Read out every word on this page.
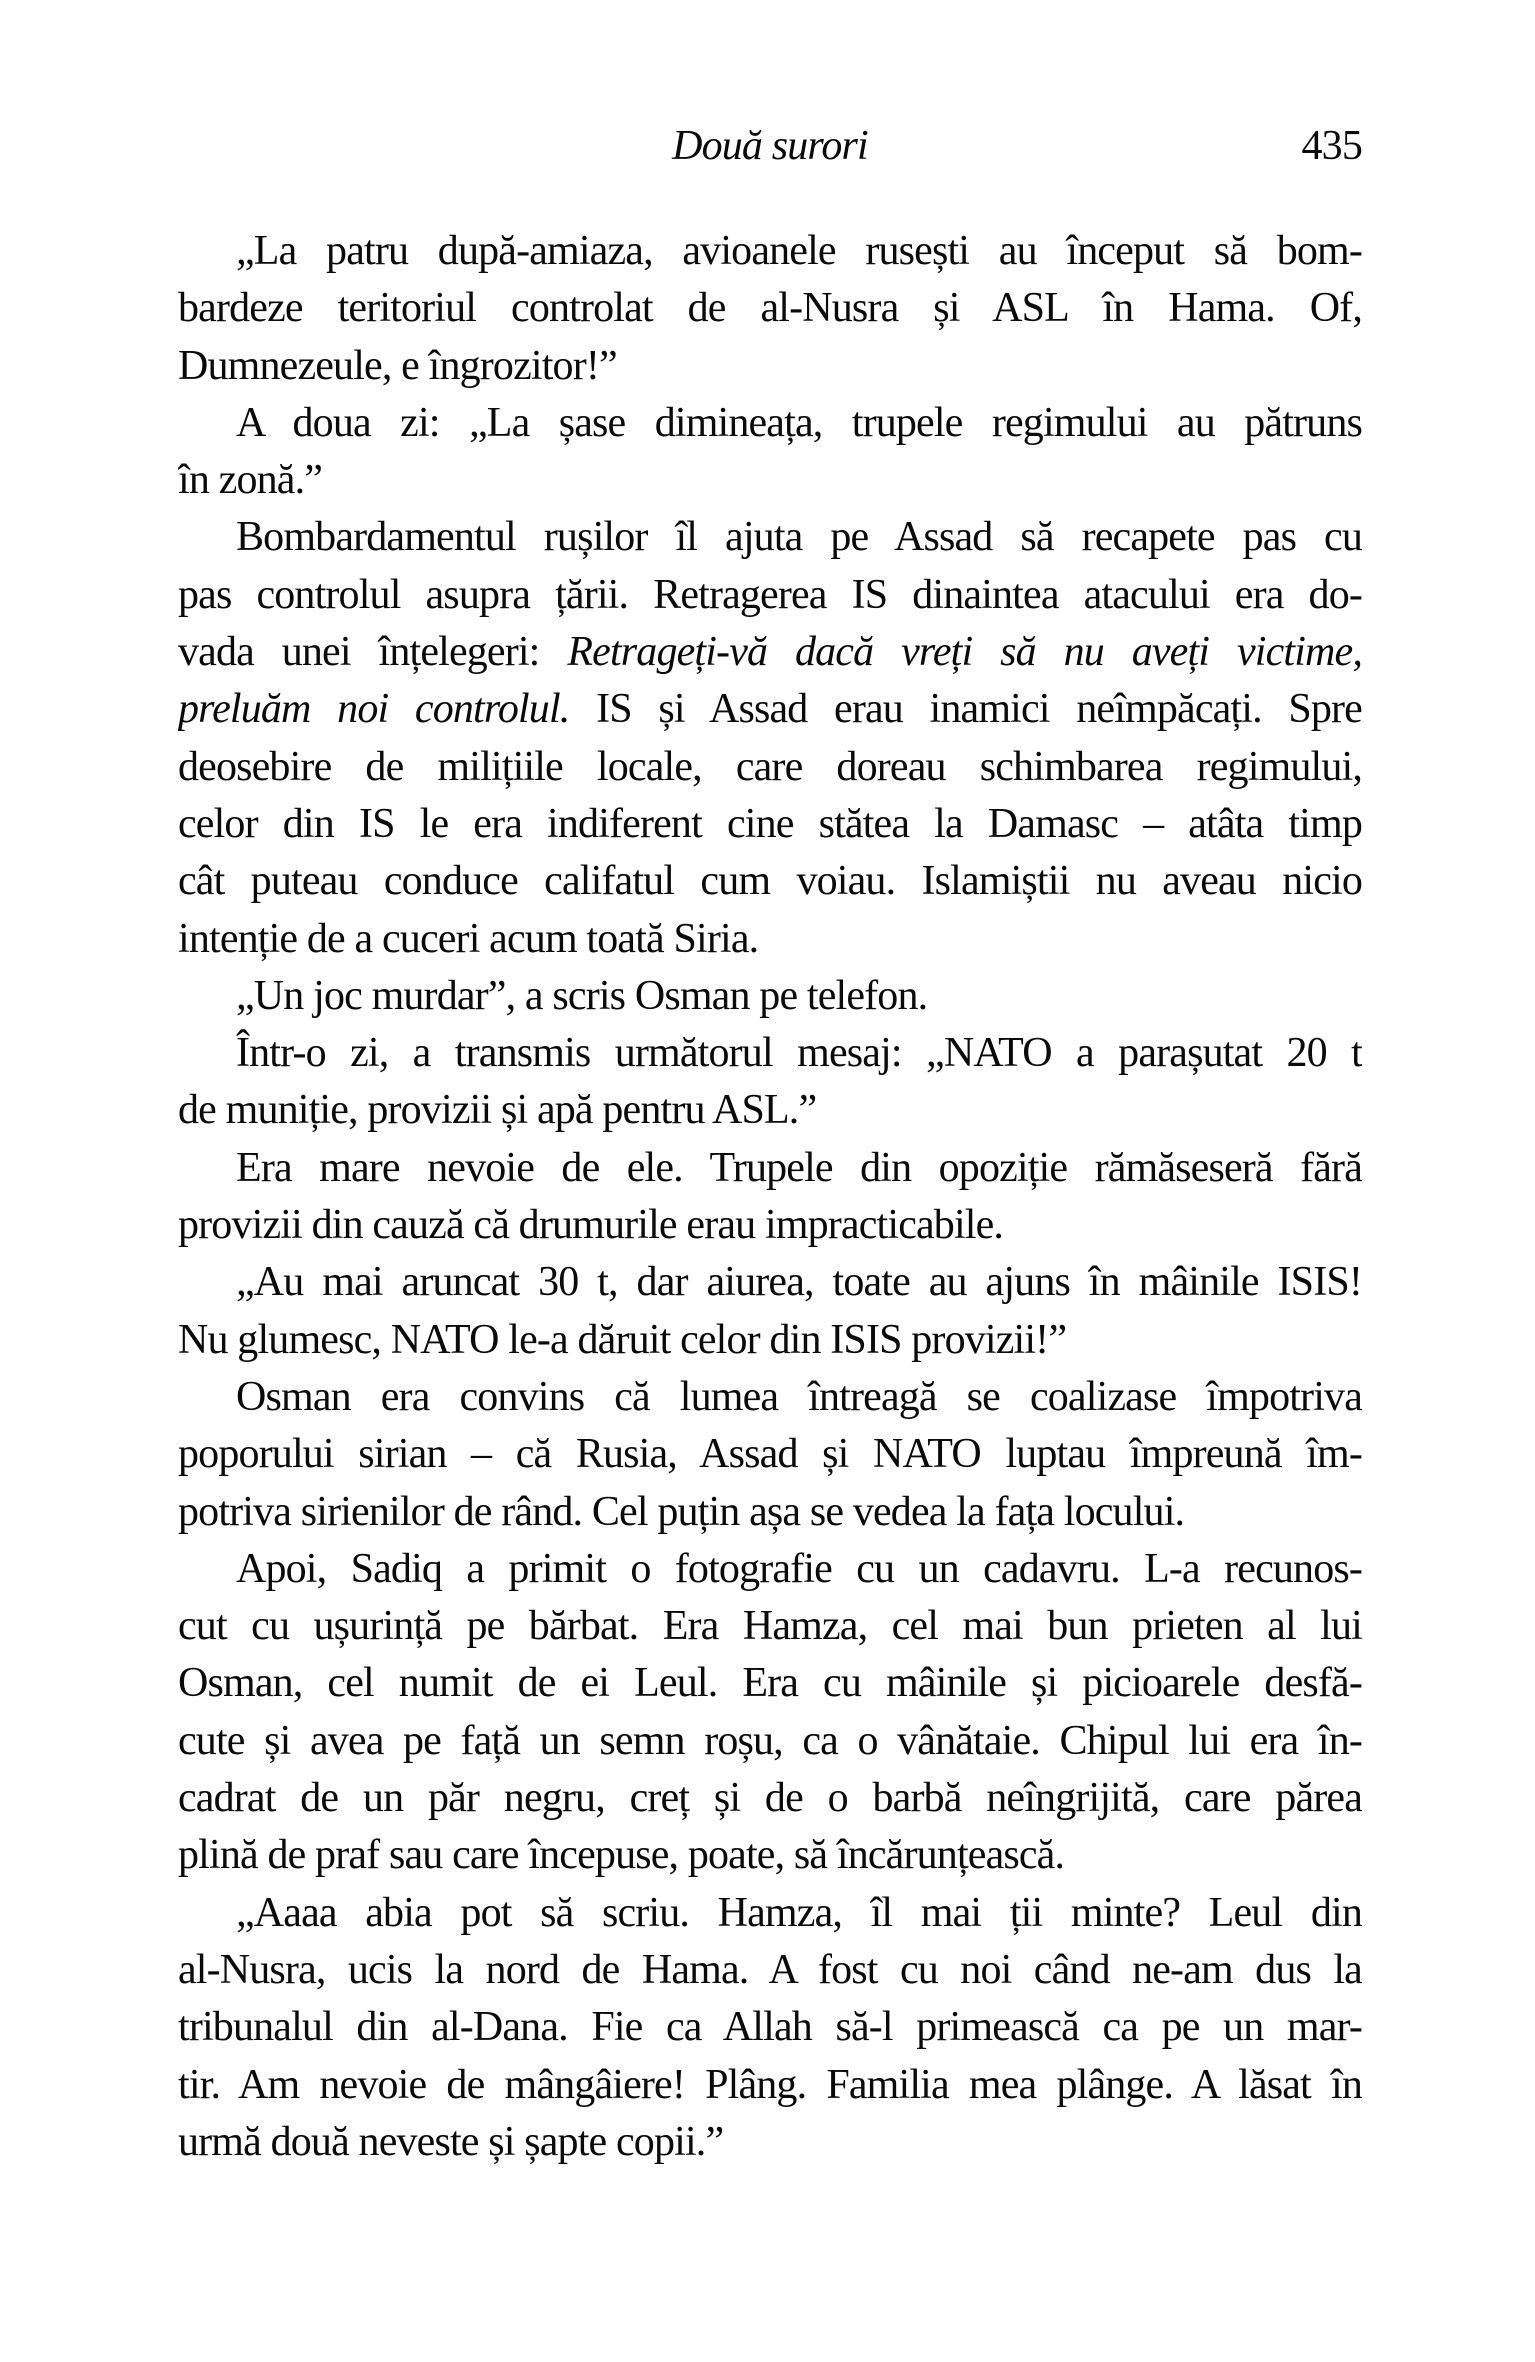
Două surori	435
„La patru după-amiaza, avioanele rusești au început să bom-
bardeze teritoriul controlat de al-Nusra și ASL în Hama. Of,
Dumnezeule, e îngrozitor!”
A doua zi: „La șase dimineața, trupele regimului au pătruns
în zonă.”
Bombardamentul rușilor îl ajuta pe Assad să recapete pas cu
pas controlul asupra țării. Retragerea IS dinaintea atacului era do-
vada unei înțelegeri: Retrageți-vă dacă vreți să nu aveți victime,
preluăm noi controlul. IS și Assad erau inamici neîmpăcați. Spre
deosebire de milițiile locale, care doreau schimbarea regimului,
celor din IS le era indiferent cine stătea la Damasc – atâta timp
cât puteau conduce califatul cum voiau. Islamiștii nu aveau nicio
intenție de a cuceri acum toată Siria.
„Un joc murdar”, a scris Osman pe telefon.
Într-o zi, a transmis următorul mesaj: „NATO a parașutat 20 t
de muniție, provizii și apă pentru ASL.”
Era mare nevoie de ele. Trupele din opoziție rămăseseră fără
provizii din cauză că drumurile erau impracticabile.
„Au mai aruncat 30 t, dar aiurea, toate au ajuns în mâinile ISIS!
Nu glumesc, NATO le-a dăruit celor din ISIS provizii!”
Osman era convins că lumea întreagă se coalizase împotriva
poporului sirian – că Rusia, Assad și NATO luptau împreună îm-
potriva sirienilor de rând. Cel puțin așa se vedea la fața locului.
Apoi, Sadiq a primit o fotografie cu un cadavru. L-a recunos-
cut cu ușurință pe bărbat. Era Hamza, cel mai bun prieten al lui
Osman, cel numit de ei Leul. Era cu mâinile și picioarele desfă-
cute și avea pe față un semn roșu, ca o vânătaie. Chipul lui era în-
cadrat de un păr negru, creț și de o barbă neîngrijită, care părea
plină de praf sau care începuse, poate, să încărunțească.
„Aaaa abia pot să scriu. Hamza, îl mai ții minte? Leul din
al-Nusra, ucis la nord de Hama. A fost cu noi când ne-am dus la
tribunalul din al-Dana. Fie ca Allah să-l primească ca pe un mar-
tir. Am nevoie de mângâiere! Plâng. Familia mea plânge. A lăsat în
urmă două neveste și șapte copii.”
